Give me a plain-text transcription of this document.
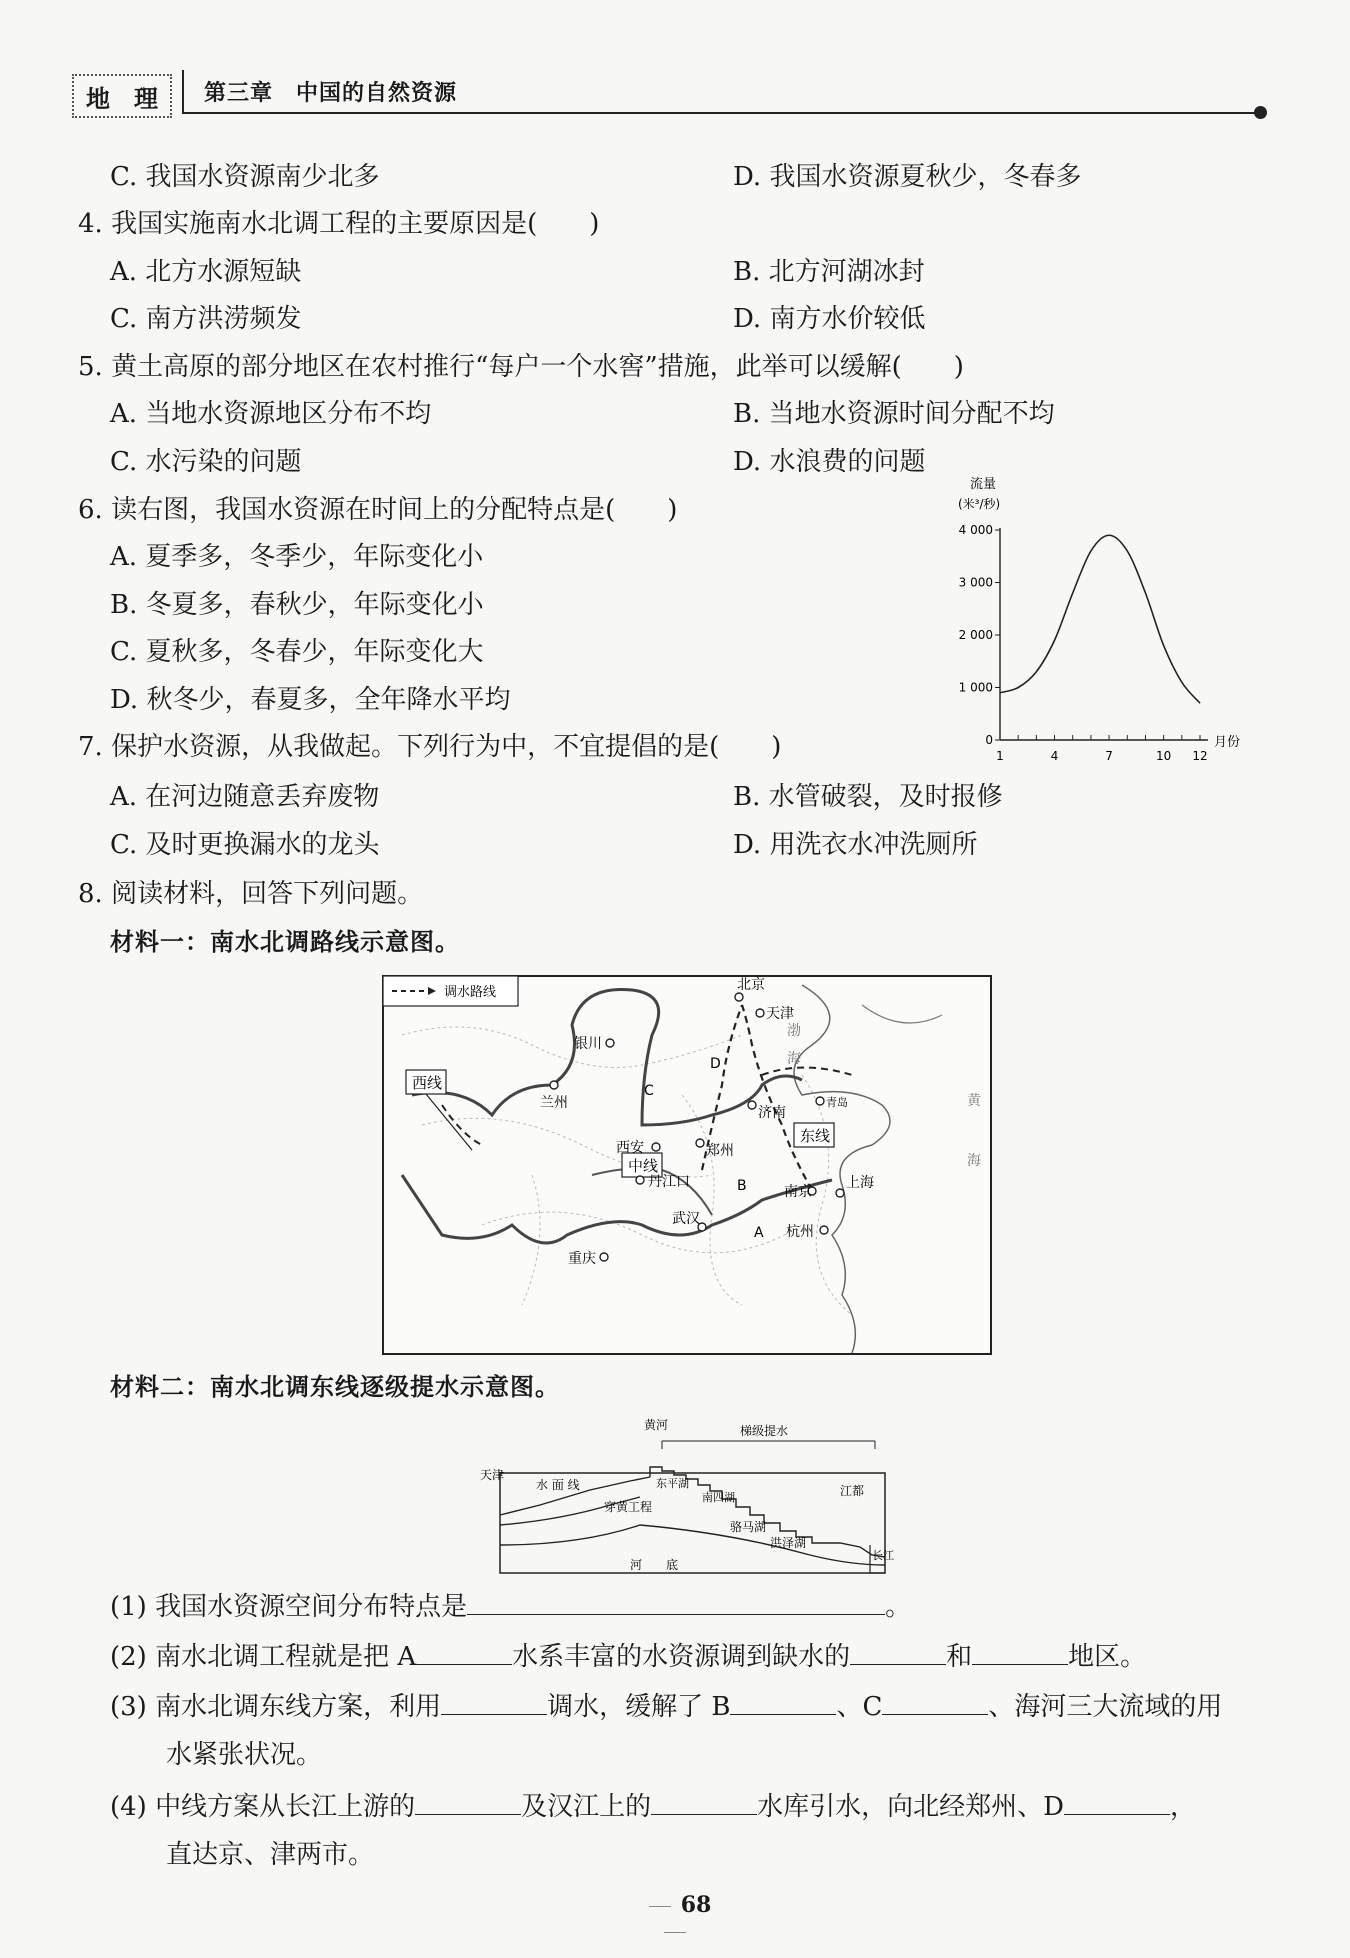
地 理 第三章　中国的自然资源
C. 我国水资源南少北多	D. 我国水资源夏秋少，冬春多
4. 我国实施南水北调工程的主要原因是(　　)
A. 北方水源短缺	B. 北方河湖冰封
C. 南方洪涝频发	D. 南方水价较低
5. 黄土高原的部分地区在农村推行“每户一个水窖”措施，此举可以缓解(　　)
A. 当地水资源地区分布不均	B. 当地水资源时间分配不均
C. 水污染的问题	D. 水浪费的问题
6. 读右图，我国水资源在时间上的分配特点是(　　)
A. 夏季多，冬季少，年际变化小
B. 冬夏多，春秋少，年际变化小
C. 夏秋多，冬春少，年际变化大
D. 秋冬少，春夏多，全年降水平均
流量
(米³/秒)
月份
0
1 000
2 000
3 000
4 000
1	4	7	10 12
7. 保护水资源，从我做起。下列行为中，不宜提倡的是(　　)
A. 在河边随意丢弃废物	B. 水管破裂，及时报修
C. 及时更换漏水的龙头	D. 用洗衣水冲洗厕所
8. 阅读材料，回答下列问题。
材料一：南水北调路线示意图。
调水路线
西线
中线
东线
北京
天津
银川
兰州
西安	郑州
济南
青岛
南京
上海
武汉
杭州
重庆
丹江口
A
B
C
D
渤
海
黄
海
材料二：南水北调东线逐级提水示意图。
黄河	梯级提水
天津
水 面 线	东平湖
南四湖
穿黄工程
骆马湖
洪泽湖
江都
长江
河　　底
(1) 我国水资源空间分布特点是	。
(2) 南水北调工程就是把 A	水系丰富的水资源调到缺水的	和	地区。
(3) 南水北调东线方案，利用	调水，缓解了 B	、C	、海河三大流域的用
水紧张状况。
(4) 中线方案从长江上游的	及汉江上的	水库引水，向北经郑州、D	，
直达京、津两市。
68
